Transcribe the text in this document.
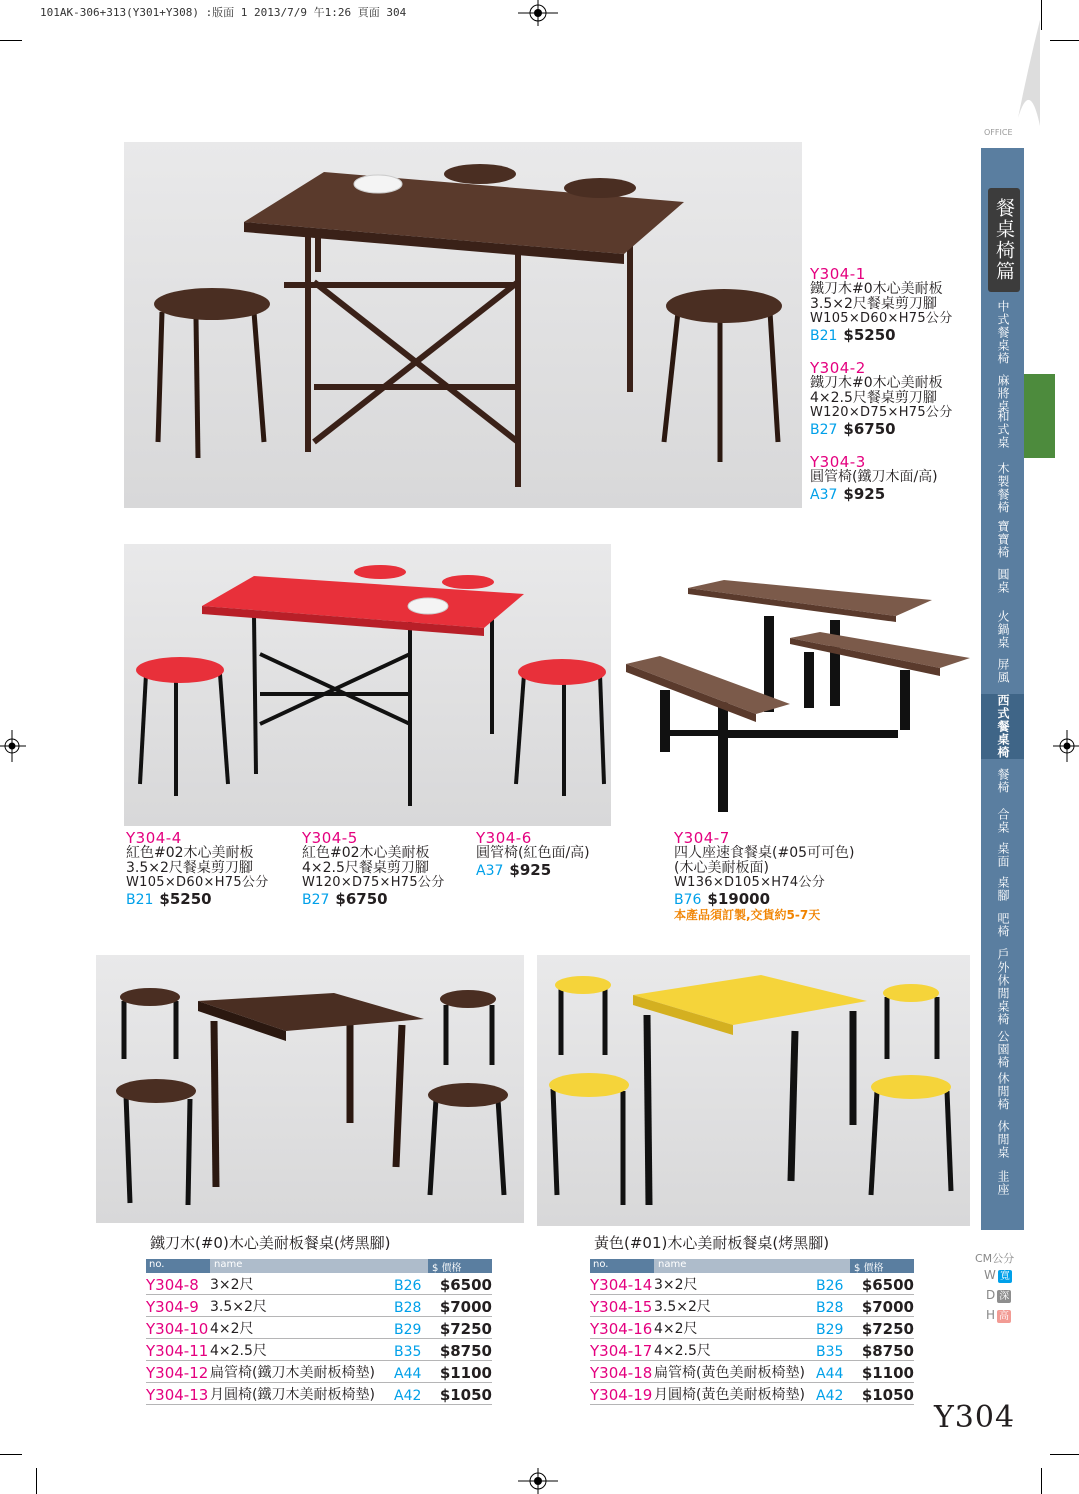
101AK-306+313(Y301+Y308) :版面 1 2013/7/9 午1:26 頁面 304
OFFICE
Y304-1
鐵刀木#0木心美耐板
3.5×2尺餐桌剪刀腳
W105×D60×H75公分
B21 $5250
Y304-2
鐵刀木#0木心美耐板
4×2.5尺餐桌剪刀腳
W120×D75×H75公分
B27 $6750
Y304-3
圓管椅(鐵刀木面/高)
A37 $925
Y304-4
紅色#02木心美耐板
3.5×2尺餐桌剪刀腳
W105×D60×H75公分
B21 $5250
Y304-5
紅色#02木心美耐板
4×2.5尺餐桌剪刀腳
W120×D75×H75公分
B27 $6750
Y304-6
圓管椅(紅色面/高)
A37 $925
Y304-7
四人座速食餐桌(#05可可色)
(木心美耐板面)
W136×D105×H74公分
B76 $19000
本產品須訂製,交貨約5-7天
鐵刀木(#0)木心美耐板餐桌(烤黑腳)
no.	name	$ 價格
Y304-8 3×2尺	B26	$6500
Y304-9 3.5×2尺	B28	$7000
Y304-10 4×2尺	B29	$7250
Y304-11 4×2.5尺	B35	$8750
Y304-12 扁管椅(鐵刀木美耐板椅墊)	A44	$1100
Y304-13 月圓椅(鐵刀木美耐板椅墊)	A42	$1050
黃色(#01)木心美耐板餐桌(烤黑腳)
no.	name	$ 價格
Y304-14 3×2尺	B26	$6500
Y304-15 3.5×2尺	B28	$7000
Y304-16 4×2尺	B29	$7250
Y304-17 4×2.5尺	B35	$8750
Y304-18 扁管椅(黃色美耐板椅墊) A44	$1100
Y304-19 月圓椅(黃色美耐板椅墊) A42	$1050
餐桌椅篇
中式餐桌椅
麻將桌
和式桌
木製餐椅
寶寶椅
圓桌
火鍋桌
屏風
西式餐桌椅
餐椅
合桌
桌面
桌腳
吧椅
戶外休閒桌椅
公園椅
休閒椅
休閒桌
韭座
CM公分
W 寬
D 深
H 高
Y304
